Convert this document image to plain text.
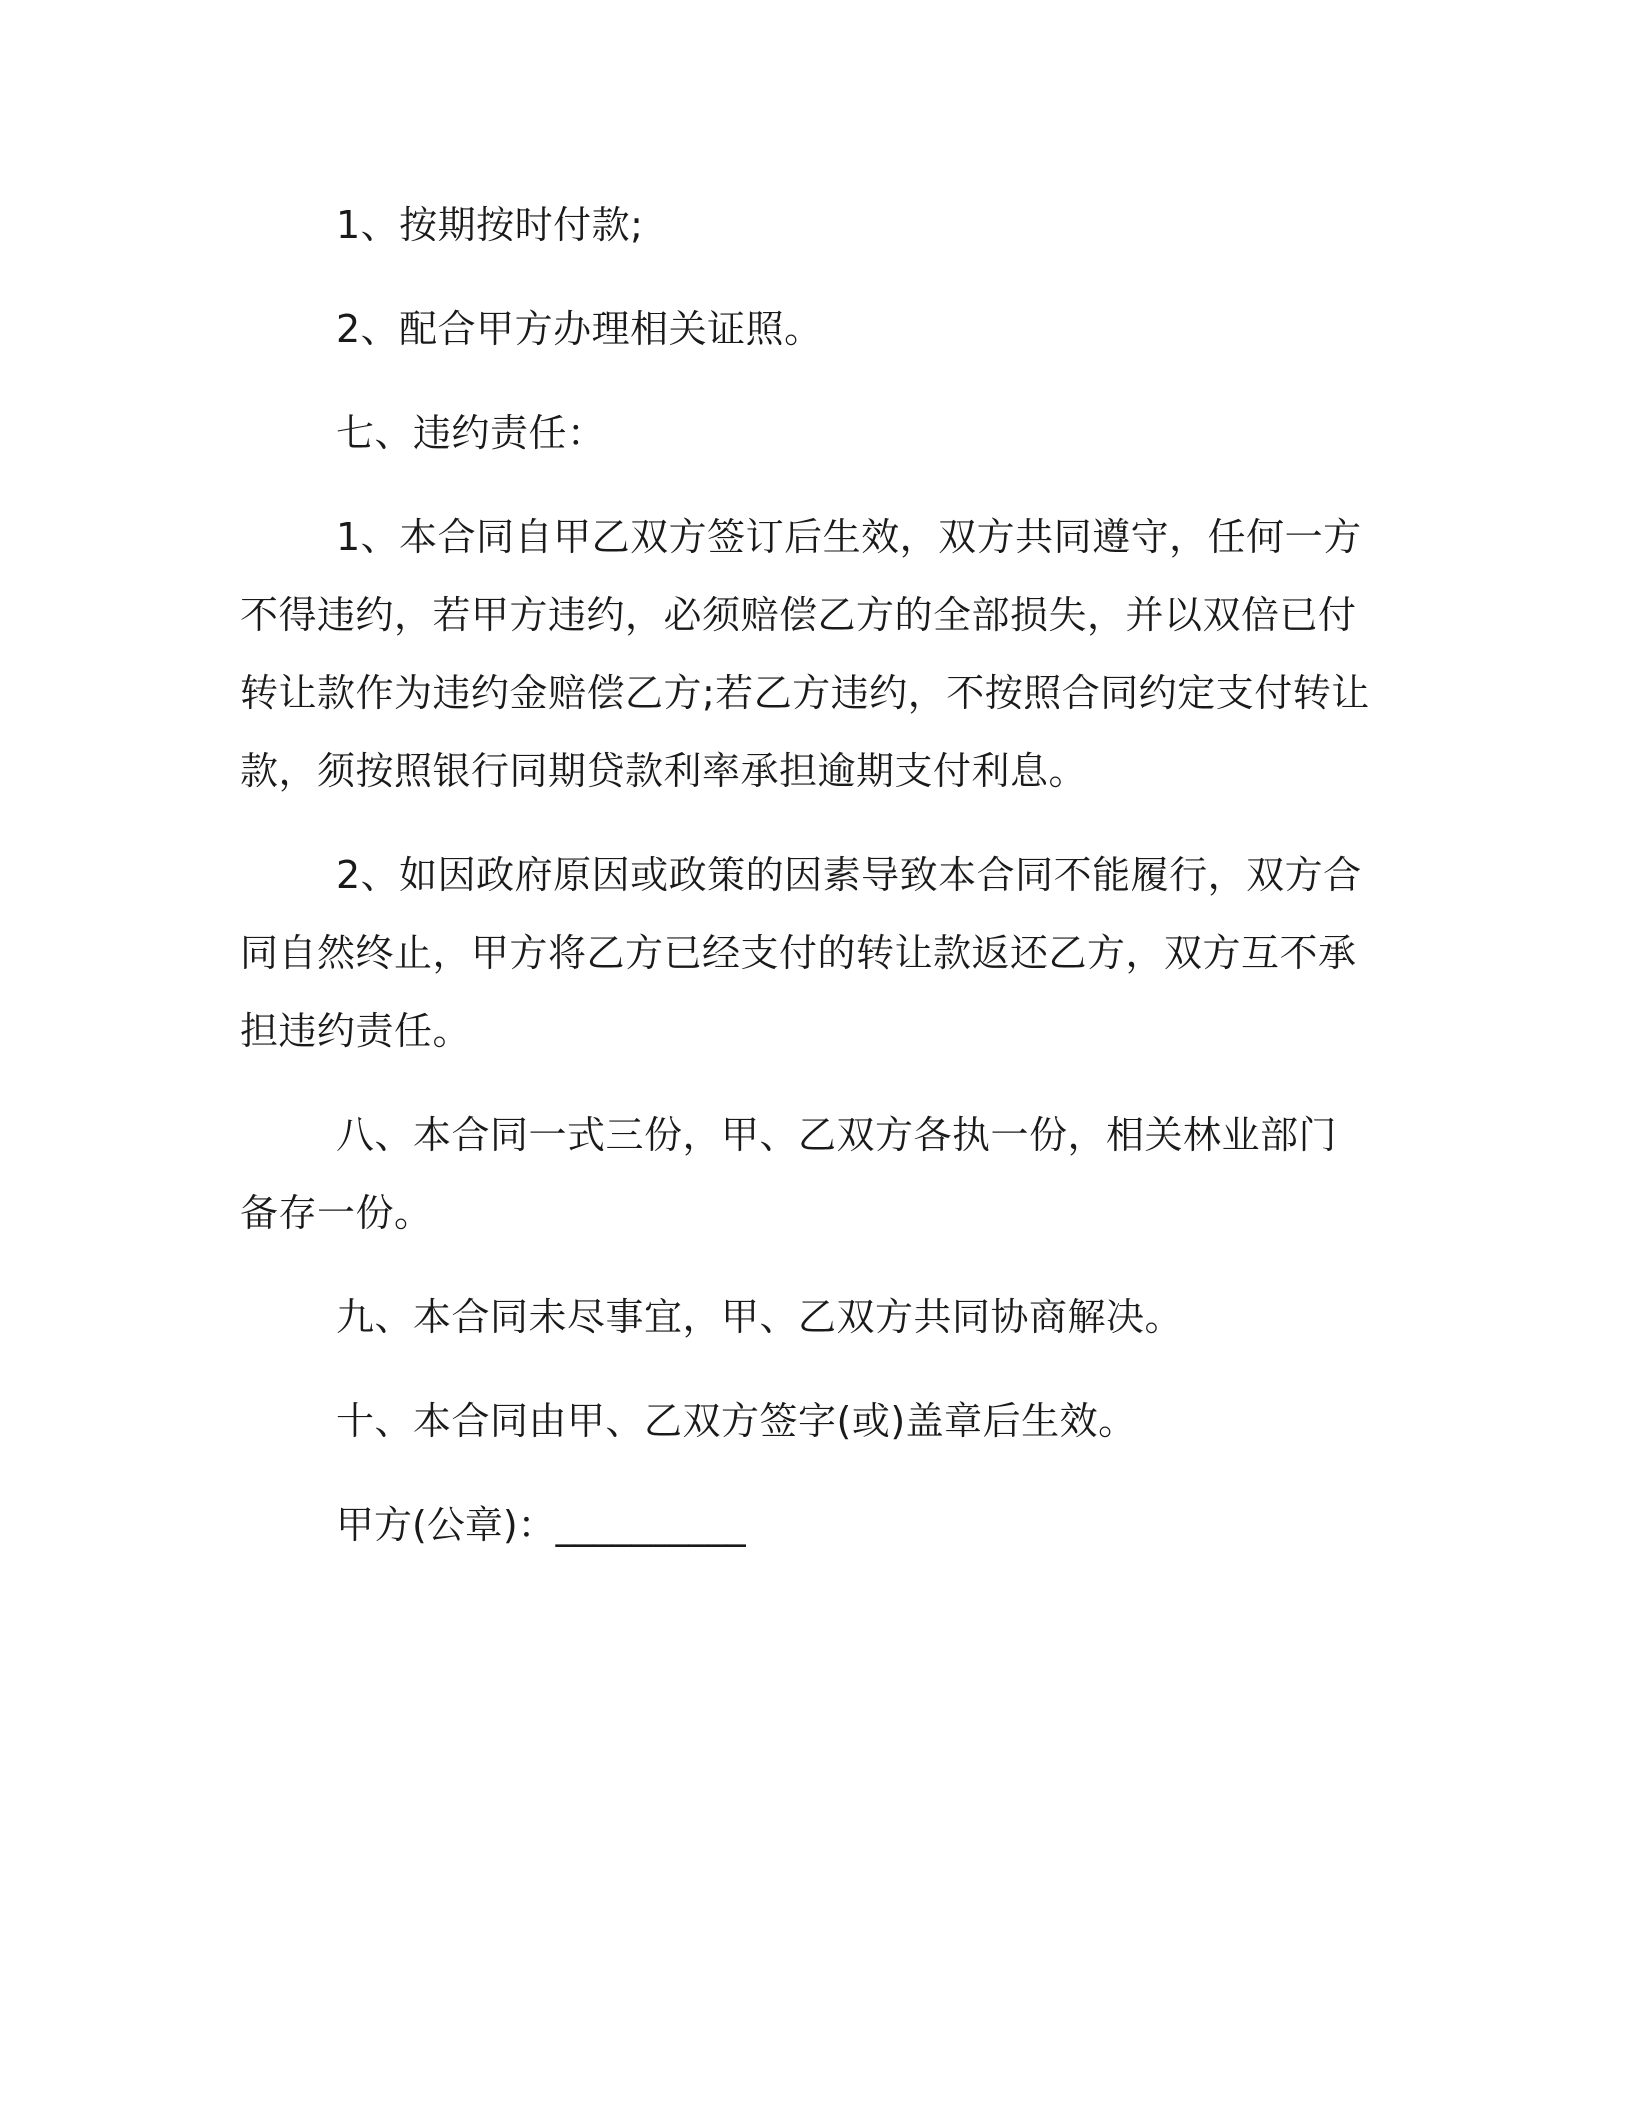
1、按期按时付款;

2、配合甲方办理相关证照。

七、违约责任：

1、本合同自甲乙双方签订后生效，双方共同遵守，任何一方不得违约，若甲方违约，必须赔偿乙方的全部损失，并以双倍已付转让款作为违约金赔偿乙方;若乙方违约，不按照合同约定支付转让款，须按照银行同期贷款利率承担逾期支付利息。

2、如因政府原因或政策的因素导致本合同不能履行，双方合同自然终止，甲方将乙方已经支付的转让款返还乙方，双方互不承担违约责任。

八、本合同一式三份，甲、乙双方各执一份，相关林业部门备存一份。

九、本合同未尽事宜，甲、乙双方共同协商解决。

十、本合同由甲、乙双方签字(或)盖章后生效。

甲方(公章)：__________
